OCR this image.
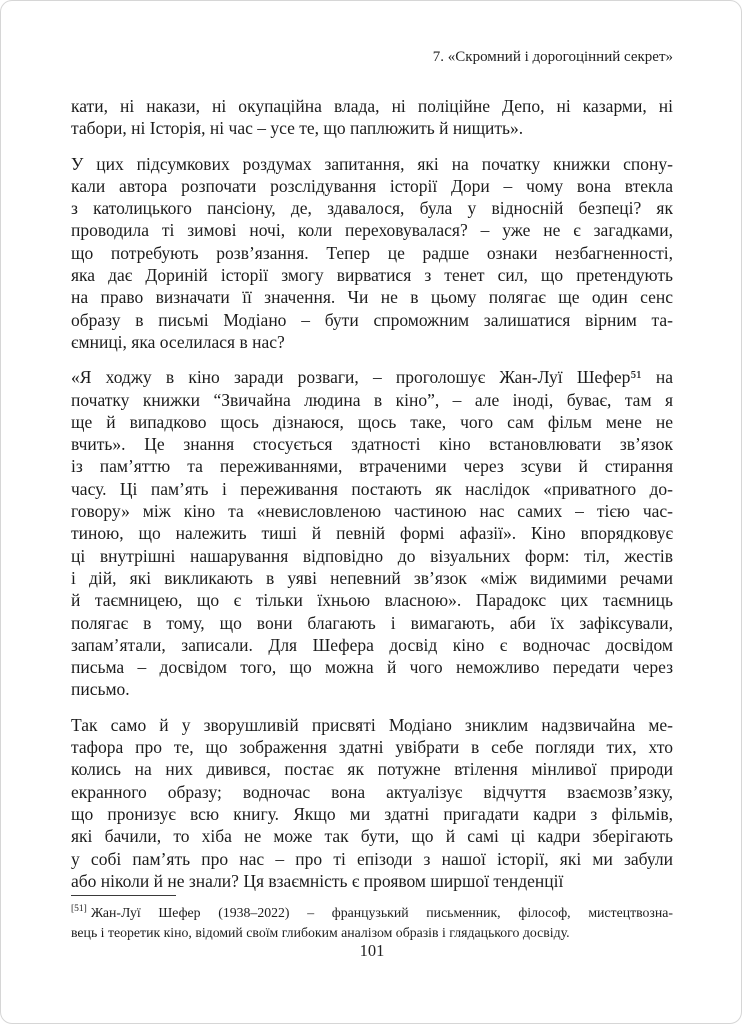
7. «Скромний і дорогоцінний секрет»
кати, ні накази, ні окупаційна влада, ні поліційне Депо, ні казарми, ні
табори, ні Історія, ні час – усе те, що паплюжить й нищить».
У цих підсумкових роздумах запитання, які на початку книжки спону-
кали автора розпочати розслідування історії Дори – чому вона втекла
з католицького пансіону, де, здавалося, була у відносній безпеці? як
проводила ті зимові ночі, коли переховувалася? – уже не є загадками,
що потребують розв’язання. Тепер це радше ознаки незбагненності,
яка дає Дориній історії змогу вирватися з тенет сил, що претендують
на право визначати її значення. Чи не в цьому полягає ще один сенс
образу в письмі Модіано – бути спроможним залишатися вірним та-
ємниці, яка оселилася в нас?
«Я ходжу в кіно заради розваги, – проголошує Жан-Луї Шефер⁵¹ на
початку книжки “Звичайна людина в кіно”, – але іноді, буває, там я
ще й випадково щось дізнаюся, щось таке, чого сам фільм мене не
вчить». Це знання стосується здатності кіно встановлювати зв’язок
із пам’яттю та переживаннями, втраченими через зсуви й стирання
часу. Ці пам’ять і переживання постають як наслідок «приватного до-
говору» між кіно та «невисловленою частиною нас самих – тією час-
тиною, що належить тиші й певній формі афазії». Кіно впорядковує
ці внутрішні нашарування відповідно до візуальних форм: тіл, жестів
і дій, які викликають в уяві непевний зв’язок «між видимими речами
й таємницею, що є тільки їхньою власною». Парадокс цих таємниць
полягає в тому, що вони благають і вимагають, аби їх зафіксували,
запам’ятали, записали. Для Шефера досвід кіно є водночас досвідом
письма – досвідом того, що можна й чого неможливо передати через
письмо.
Так само й у зворушливій присвяті Модіано зниклим надзвичайна ме-
тафора про те, що зображення здатні увібрати в себе погляди тих, хто
колись на них дивився, постає як потужне втілення мінливої природи
екранного образу; водночас вона актуалізує відчуття взаємозв’язку,
що пронизує всю книгу. Якщо ми здатні пригадати кадри з фільмів,
які бачили, то хіба не може так бути, що й самі ці кадри зберігають
у собі пам’ять про нас – про ті епізоди з нашої історії, які ми забули
або ніколи й не знали? Ця взаємність є проявом ширшої тенденції
[51] Жан-Луї Шефер (1938–2022) – французький письменник, філософ, мистецтвозна-
вець і теоретик кіно, відомий своїм глибоким аналізом образів і глядацького досвіду.
101
